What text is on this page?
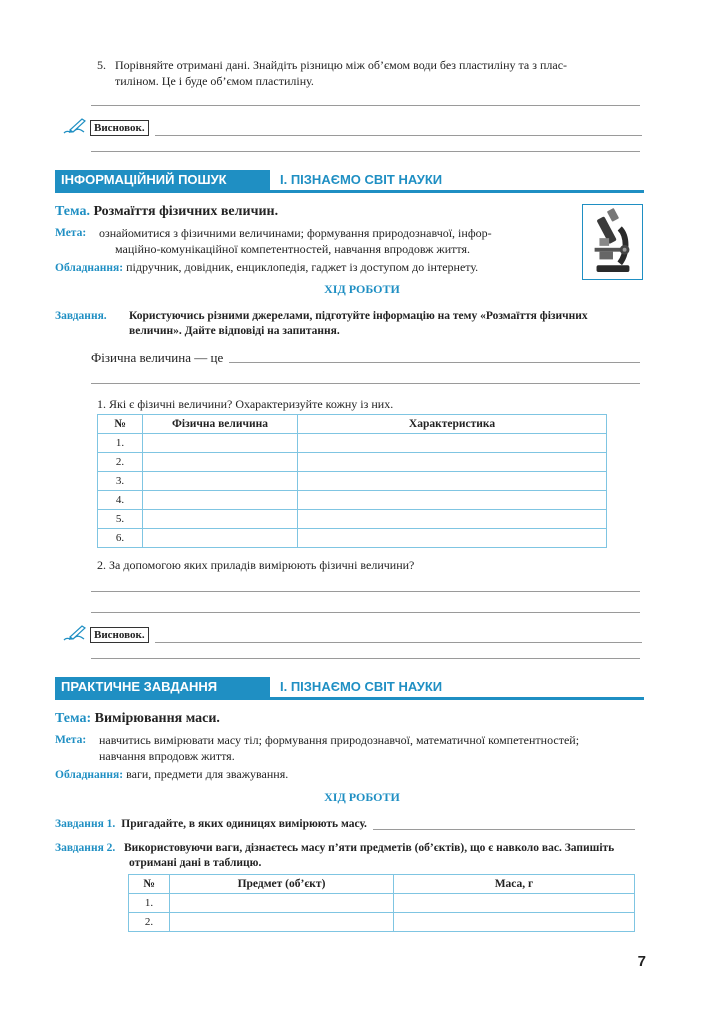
5. Порівняйте отримані дані. Знайдіть різницю між об’ємом води без пластиліну та з плас-
тиліном. Це і буде об’ємом пластиліну.
Висновок.
ІНФОРМАЦІЙНИЙ ПОШУК	І. ПІЗНАЄМО СВІТ НАУКИ
Тема. Розмаїття фізичних величин.
Мета: ознайомитися з фізичними величинами; формування природознавчої, інфор-
маційно-комунікаційної компетентностей, навчання впродовж життя.
Обладнання: підручник, довідник, енциклопедія, гаджет із доступом до інтернету.
ХІД РОБОТИ
Завдання. Користуючись різними джерелами, підготуйте інформацію на тему «Розмаїття фізичних
величин». Дайте відповіді на запитання.
Фізична величина — це
1. Які є фізичні величини? Охарактеризуйте кожну із них.
№	Фізична величина	Характеристика
1.		
2.		
3.		
4.		
5.		
6.		
2. За допомогою яких приладів вимірюють фізичні величини?
Висновок.
ПРАКТИЧНЕ ЗАВДАННЯ	І. ПІЗНАЄМО СВІТ НАУКИ
Тема: Вимірювання маси.
Мета: навчитись вимірювати масу тіл; формування природознавчої, математичної компетентностей;
навчання впродовж життя.
Обладнання: ваги, предмети для зважування.
ХІД РОБОТИ
Завдання 1. Пригадайте, в яких одиницях вимірюють масу.
Завдання 2. Використовуючи ваги, дізнаєтесь масу п’яти предметів (об’єктів), що є навколо вас. Запишіть
отримані дані в таблицю.
№	Предмет (об’єкт)	Маса, г
1.		
2.		
7
